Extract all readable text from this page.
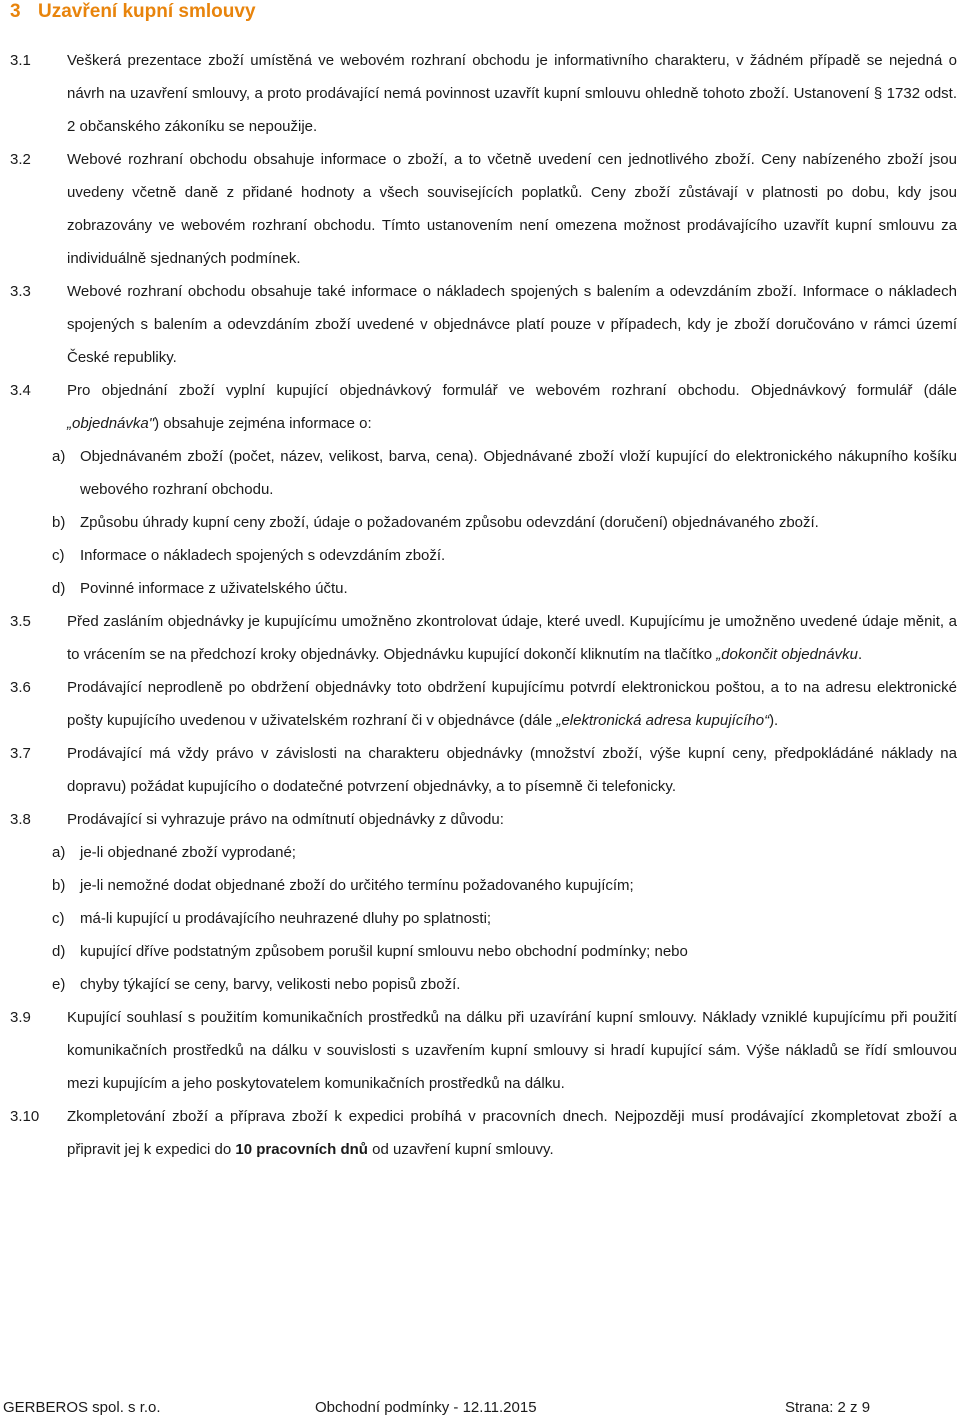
3 Uzavření kupní smlouvy
3.1	Veškerá prezentace zboží umístěná ve webovém rozhraní obchodu je informativního charakteru, v žádném případě se nejedná o návrh na uzavření smlouvy, a proto prodávající nemá povinnost uzavřít kupní smlouvu ohledně tohoto zboží. Ustanovení § 1732 odst. 2 občanského zákoníku se nepoužije.
3.2	Webové rozhraní obchodu obsahuje informace o zboží, a to včetně uvedení cen jednotlivého zboží. Ceny nabízeného zboží jsou uvedeny včetně daně z přidané hodnoty a všech souvisejících poplatků. Ceny zboží zůstávají v platnosti po dobu, kdy jsou zobrazovány ve webovém rozhraní obchodu. Tímto ustanovením není omezena možnost prodávajícího uzavřít kupní smlouvu za individuálně sjednaných podmínek.
3.3	Webové rozhraní obchodu obsahuje také informace o nákladech spojených s balením a odevzdáním zboží. Informace o nákladech spojených s balením a odevzdáním zboží uvedené v objednávce platí pouze v případech, kdy je zboží doručováno v rámci území České republiky.
3.4	Pro objednání zboží vyplní kupující objednávkový formulář ve webovém rozhraní obchodu. Objednávkový formulář (dále „objednávka") obsahuje zejména informace o:
a) Objednávaném zboží (počet, název, velikost, barva, cena). Objednávané zboží vloží kupující do elektronického nákupního košíku webového rozhraní obchodu.
b) Způsobu úhrady kupní ceny zboží, údaje o požadovaném způsobu odevzdání (doručení) objednávaného zboží.
c) Informace o nákladech spojených s odevzdáním zboží.
d) Povinné informace z uživatelského účtu.
3.5	Před zasláním objednávky je kupujícímu umožněno zkontrolovat údaje, které uvedl. Kupujícímu je umožněno uvedené údaje měnit, a to vrácením se na předchozí kroky objednávky. Objednávku kupující dokončí kliknutím na tlačítko „dokončit objednávku.
3.6	Prodávající neprodleně po obdržení objednávky toto obdržení kupujícímu potvrdí elektronickou poštou, a to na adresu elektronické pošty kupujícího uvedenou v uživatelském rozhraní či v objednávce (dále „elektronická adresa kupujícího“).
3.7	Prodávající má vždy právo v závislosti na charakteru objednávky (množství zboží, výše kupní ceny, předpokládáné náklady na dopravu) požádat kupujícího o dodatečné potvrzení objednávky, a to písemně či telefonicky.
3.8	Prodávající si vyhrazuje právo na odmítnutí objednávky z důvodu:
a) je-li objednané zboží vyprodané;
b) je-li nemožné dodat objednané zboží do určitého termínu požadovaného kupujícím;
c) má-li kupující u prodávajícího neuhrazené dluhy po splatnosti;
d) kupující dříve podstatným způsobem porušil kupní smlouvu nebo obchodní podmínky; nebo
e) chyby týkající se ceny, barvy, velikosti nebo popisů zboží.
3.9	Kupující souhlasí s použitím komunikačních prostředků na dálku při uzavírání kupní smlouvy. Náklady vzniklé kupujícímu při použití komunikačních prostředků na dálku v souvislosti s uzavřením kupní smlouvy si hradí kupující sám. Výše nákladů se řídí smlouvou mezi kupujícím a jeho poskytovatelem komunikačních prostředků na dálku.
3.10	Zkompletování zboží a příprava zboží k expedici probíhá v pracovních dnech. Nejpozději musí prodávající zkompletovat zboží a připravit jej k expedici do 10 pracovních dnů od uzavření kupní smlouvy.
GERBEROS spol. s r.o.	Obchodní podmínky - 12.11.2015	Strana: 2 z 9
